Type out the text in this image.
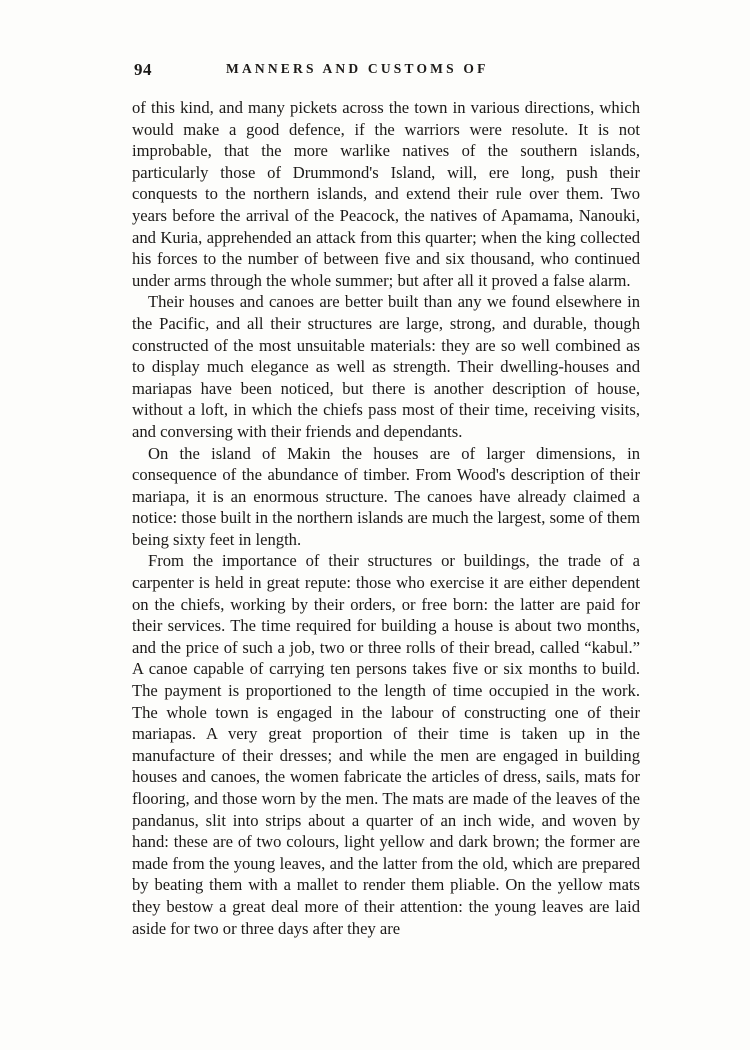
94	MANNERS AND CUSTOMS OF

of this kind, and many pickets across the town in various directions, which would make a good defence, if the warriors were resolute. It is not improbable, that the more warlike natives of the southern islands, particularly those of Drummond's Island, will, ere long, push their conquests to the northern islands, and extend their rule over them. Two years before the arrival of the Peacock, the natives of Apamama, Nanouki, and Kuria, apprehended an attack from this quarter; when the king collected his forces to the number of between five and six thousand, who continued under arms through the whole summer; but after all it proved a false alarm.

Their houses and canoes are better built than any we found elsewhere in the Pacific, and all their structures are large, strong, and durable, though constructed of the most unsuitable materials: they are so well combined as to display much elegance as well as strength. Their dwelling-houses and mariapas have been noticed, but there is another description of house, without a loft, in which the chiefs pass most of their time, receiving visits, and conversing with their friends and dependants.

On the island of Makin the houses are of larger dimensions, in consequence of the abundance of timber. From Wood's description of their mariapa, it is an enormous structure. The canoes have already claimed a notice: those built in the northern islands are much the largest, some of them being sixty feet in length.

From the importance of their structures or buildings, the trade of a carpenter is held in great repute: those who exercise it are either dependent on the chiefs, working by their orders, or free born: the latter are paid for their services. The time required for building a house is about two months, and the price of such a job, two or three rolls of their bread, called “kabul.” A canoe capable of carrying ten persons takes five or six months to build. The payment is proportioned to the length of time occupied in the work. The whole town is engaged in the labour of constructing one of their mariapas. A very great proportion of their time is taken up in the manufacture of their dresses; and while the men are engaged in building houses and canoes, the women fabricate the articles of dress, sails, mats for flooring, and those worn by the men. The mats are made of the leaves of the pandanus, slit into strips about a quarter of an inch wide, and woven by hand: these are of two colours, light yellow and dark brown; the former are made from the young leaves, and the latter from the old, which are prepared by beating them with a mallet to render them pliable. On the yellow mats they bestow a great deal more of their attention: the young leaves are laid aside for two or three days after they are
